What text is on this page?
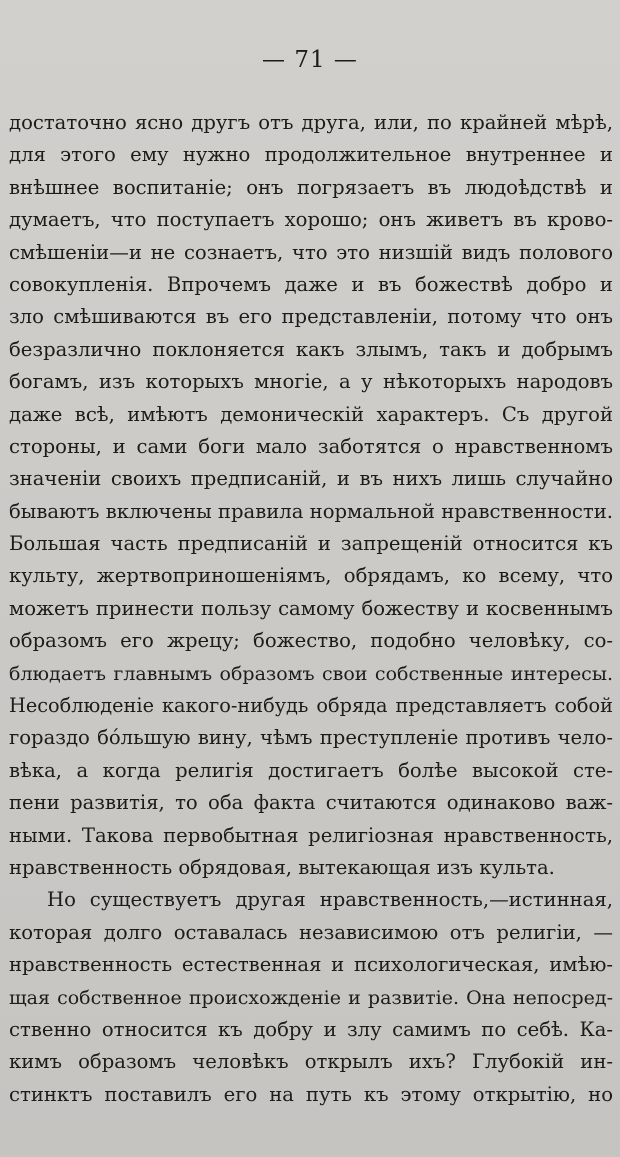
— 71 —
достаточно ясно другъ отъ друга, или, по крайней мѣрѣ,
для этого ему нужно продолжительное внутреннее и
внѣшнее воспитанiе; онъ погрязаетъ въ людоѣдствѣ и
думаетъ, что поступаетъ хорошо; онъ живетъ въ крово-
смѣшенiи—и не сознаетъ, что это низшiй видъ полового
совокупленiя. Впрочемъ даже и въ божествѣ добро и
зло смѣшиваются въ его представленiи, потому что онъ
безразлично поклоняется какъ злымъ, такъ и добрымъ
богамъ, изъ которыхъ многiе, а у нѣкоторыхъ народовъ
даже всѣ, имѣютъ демоническiй характеръ. Съ другой
стороны, и сами боги мало заботятся о нравственномъ
значенiи своихъ предписанiй, и въ нихъ лишь случайно
бываютъ включены правила нормальной нравственности.
Большая часть предписанiй и запрещенiй относится къ
культу, жертвоприношенiямъ, обрядамъ, ко всему, что
можетъ принести пользу самому божеству и косвеннымъ
образомъ его жрецу; божество, подобно человѣку, со-
блюдаетъ главнымъ образомъ свои собственные интересы.
Несоблюденiе какого-нибудь обряда представляетъ собой
гораздо бóльшую вину, чѣмъ преступленiе противъ чело-
вѣка, а когда религiя достигаетъ болѣе высокой сте-
пени развитiя, то оба факта считаются одинаково важ-
ными. Такова первобытная религiозная нравственность,
нравственность обрядовая, вытекающая изъ культа.
Но существуетъ другая нравственность,—истинная,
которая долго оставалась независимою отъ религiи, —
нравственность естественная и психологическая, имѣю-
щая собственное происхожденiе и развитiе. Она непосред-
ственно относится къ добру и злу самимъ по себѣ. Ка-
кимъ образомъ человѣкъ открылъ ихъ? Глубокiй ин-
стинктъ поставилъ его на путь къ этому открытiю, но
